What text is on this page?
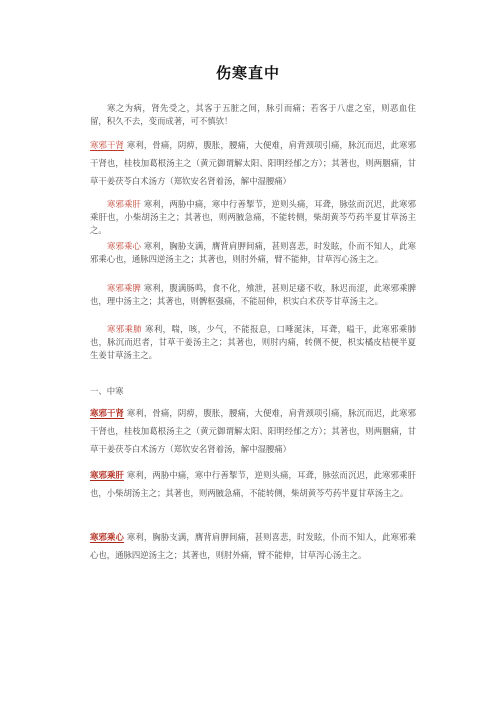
伤寒直中

寒之为病，肾先受之，其客于五脏之间，脉引而痛；若客于八虚之室，则恶血住留，积久不去，变而成著，可不慎欤！

寒邪干肾 寒利，骨痛，阴痹，腹胀，腰痛，大便难，肩背颈项引痛，脉沉而迟，此寒邪干肾也，桂枝加葛根汤主之（黄元御谓解太阳、阳明经郁之方）；其著也，则两胭痛，甘草干姜茯苓白术汤方（郑钦安名肾着汤，解中湿腰痛）

寒邪乘肝 寒利，两胁中痛，寒中行善掣节，逆则头痛，耳聋，脉弦而沉迟，此寒邪乘肝也，小柴胡汤主之；其著也，则两腋急痛，不能转侧，柴胡黄芩芍药半夏甘草汤主之。

寒邪乘心 寒利，胸胁支满，膺背肩胛间痛，甚则喜悲，时发眩，仆而不知人，此寒邪乘心也，通脉四逆汤主之；其著也，则肘外痛，臂不能伸，甘草泻心汤主之。

寒邪乘脾 寒利，腹满肠鸣，食不化，飧泄，甚则足痿不收，脉迟而涩，此寒邪乘脾也，理中汤主之；其著也，则髀枢强痛，不能屈伸，枳实白术茯苓甘草汤主之。

寒邪乘肺 寒利，喘，咳，少气，不能报息，口唾涎沫，耳聋，嗌干，此寒邪乘肺也，脉沉而迟者，甘草干姜汤主之；其著也，则肘内痛，转侧不便，枳实橘皮桔梗半夏生姜甘草汤主之。

一、中寒

寒邪干肾 寒利，骨痛，阴痹，腹胀，腰痛，大便难，肩背颈项引痛，脉沉而迟，此寒邪干肾也，桂枝加葛根汤主之（黄元御谓解太阳、阳明经郁之方）；其著也，则两胭痛，甘草干姜茯苓白术汤方（郑钦安名肾着汤，解中湿腰痛）

寒邪乘肝 寒利，两胁中痛，寒中行善掣节，逆则头痛，耳聋，脉弦而沉迟，此寒邪乘肝也，小柴胡汤主之；其著也，则两腋急痛，不能转侧，柴胡黄芩芍药半夏甘草汤主之。

寒邪乘心 寒利，胸胁支满，膺背肩胛间痛，甚则喜悲，时发眩，仆而不知人，此寒邪乘心也，通脉四逆汤主之；其著也，则肘外痛，臂不能伸，甘草泻心汤主之。
